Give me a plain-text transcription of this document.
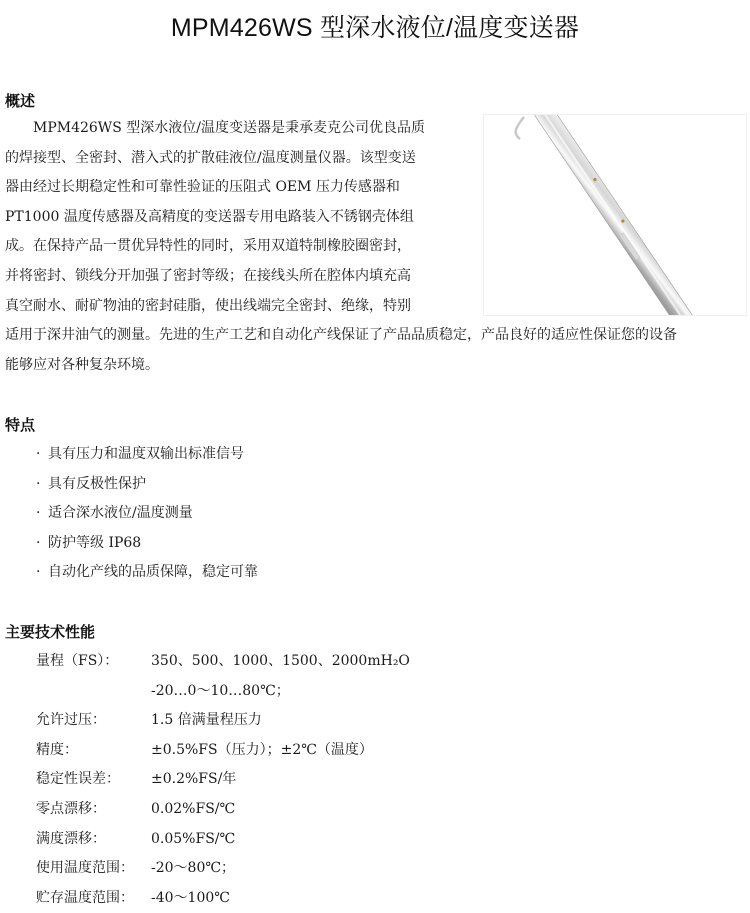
MPM426WS 型深水液位/温度变送器
概述
MPM426WS 型深水液位/温度变送器是秉承麦克公司优良品质
的焊接型、全密封、潜入式的扩散硅液位/温度测量仪器。该型变送
器由经过长期稳定性和可靠性验证的压阻式 OEM 压力传感器和
PT1000 温度传感器及高精度的变送器专用电路装入不锈钢壳体组
成。在保持产品一贯优异特性的同时，采用双道特制橡胶圈密封，
并将密封、锁线分开加强了密封等级；在接线头所在腔体内填充高
真空耐水、耐矿物油的密封硅脂，使出线端完全密封、绝缘，特别
适用于深井油气的测量。先进的生产工艺和自动化产线保证了产品品质稳定，产品良好的适应性保证您的设备
能够应对各种复杂环境。
特点
· 具有压力和温度双输出标准信号
· 具有反极性保护
· 适合深水液位/温度测量
· 防护等级 IP68
· 自动化产线的品质保障，稳定可靠
主要技术性能
量程（FS）： 350、500、1000、1500、2000mH₂O
-20…0～10…80℃；
允许过压：	1.5 倍满量程压力
精度：	±0.5%FS（压力）；±2℃（温度）
稳定性误差： ±0.2%FS/年
零点漂移：	0.02%FS/℃
满度漂移：	0.05%FS/℃
使用温度范围： -20～80℃；
贮存温度范围： -40～100℃
